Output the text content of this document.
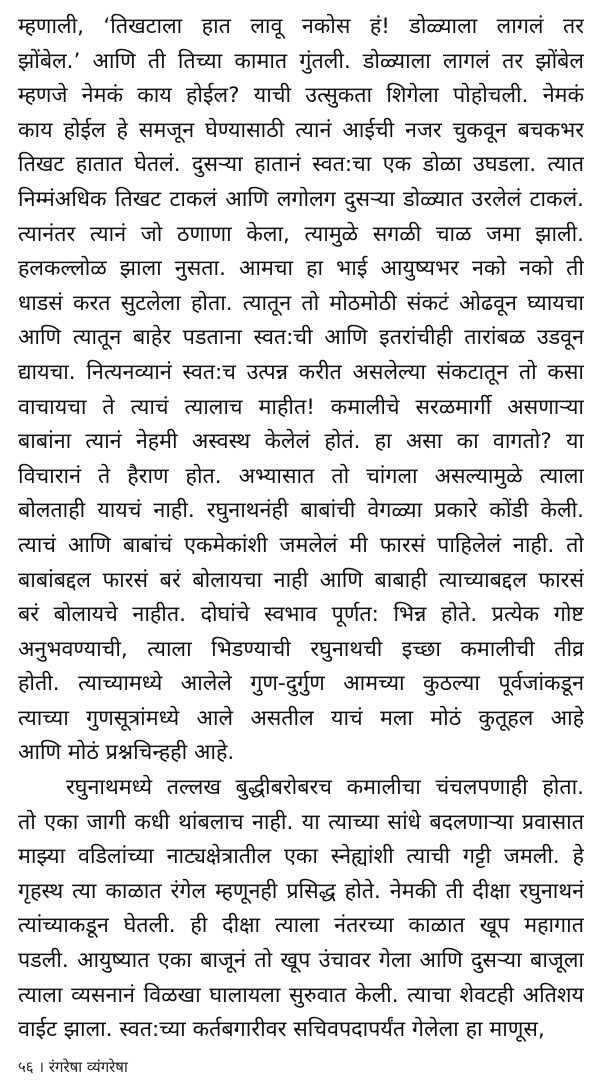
म्हणाली, ‘तिखटाला हात लावू नकोस हं! डोळ्याला लागलं तर
झोंबेल.’ आणि ती तिच्या कामात गुंतली. डोळ्याला लागलं तर झोंबेल
म्हणजे नेमकं काय होईल? याची उत्सुकता शिगेला पोहोचली. नेमकं
काय होईल हे समजून घेण्यासाठी त्यानं आईची नजर चुकवून बचकभर
तिखट हातात घेतलं. दुसऱ्या हातानं स्वत:चा एक डोळा उघडला. त्यात
निम्मंअधिक तिखट टाकलं आणि लगोलग दुसऱ्या डोळ्यात उरलेलं टाकलं.
त्यानंतर त्यानं जो ठणाणा केला, त्यामुळे सगळी चाळ जमा झाली.
हलकल्लोळ झाला नुसता. आमचा हा भाई आयुष्यभर नको नको ती
धाडसं करत सुटलेला होता. त्यातून तो मोठमोठी संकटं ओढवून घ्यायचा
आणि त्यातून बाहेर पडताना स्वत:ची आणि इतरांचीही तारांबळ उडवून
द्यायचा. नित्यनव्यानं स्वत:च उत्पन्न करीत असलेल्या संकटातून तो कसा
वाचायचा ते त्याचं त्यालाच माहीत! कमालीचे सरळमार्गी असणाऱ्या
बाबांना त्यानं नेहमी अस्वस्थ केलेलं होतं. हा असा का वागतो? या
विचारानं ते हैराण होत. अभ्यासात तो चांगला असल्यामुळे त्याला
बोलताही यायचं नाही. रघुनाथनंही बाबांची वेगळ्या प्रकारे कोंडी केली.
त्याचं आणि बाबांचं एकमेकांशी जमलेलं मी फारसं पाहिलेलं नाही. तो
बाबांबद्दल फारसं बरं बोलायचा नाही आणि बाबाही त्याच्याबद्दल फारसं
बरं बोलायचे नाहीत. दोघांचे स्वभाव पूर्णत: भिन्न होते. प्रत्येक गोष्ट
अनुभवण्याची, त्याला भिडण्याची रघुनाथची इच्छा कमालीची तीव्र
होती. त्याच्यामध्ये आलेले गुण-दुर्गुण आमच्या कुठल्या पूर्वजांकडून
त्याच्या गुणसूत्रांमध्ये आले असतील याचं मला मोठं कुतूहल आहे
आणि मोठं प्रश्नचिन्हही आहे.
रघुनाथमध्ये तल्लख बुद्धीबरोबरच कमालीचा चंचलपणाही होता.
तो एका जागी कधी थांबलाच नाही. या त्याच्या सांधे बदलणाऱ्या प्रवासात
माझ्या वडिलांच्या नाट्यक्षेत्रातील एका स्नेह्यांशी त्याची गट्टी जमली. हे
गृहस्थ त्या काळात रंगेल म्हणूनही प्रसिद्ध होते. नेमकी ती दीक्षा रघुनाथनं
त्यांच्याकडून घेतली. ही दीक्षा त्याला नंतरच्या काळात खूप महागात
पडली. आयुष्यात एका बाजूनं तो खूप उंचावर गेला आणि दुसऱ्या बाजूला
त्याला व्यसनानं विळखा घालायला सुरुवात केली. त्याचा शेवटही अतिशय
वाईट झाला. स्वत:च्या कर्तबगारीवर सचिवपदापर्यंत गेलेला हा माणूस,
५६ । रंगरेषा व्यंगरेषा
